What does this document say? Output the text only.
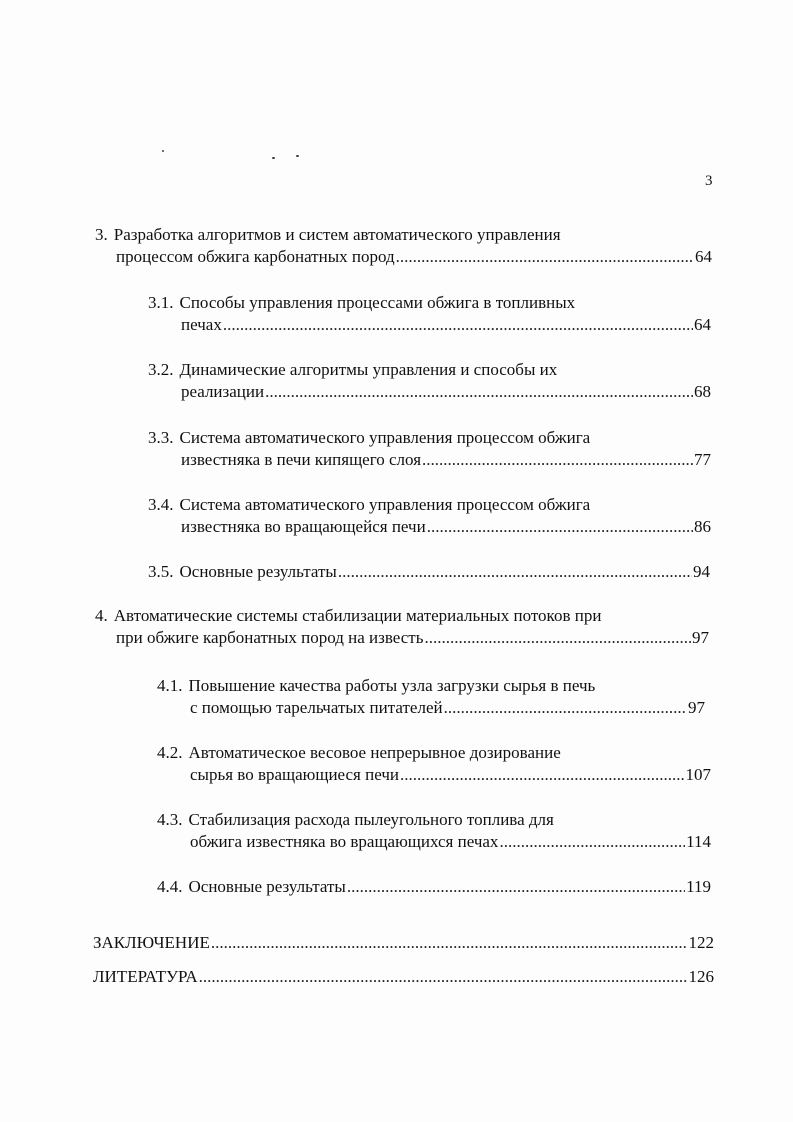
3
3. Разработка алгоритмов и систем автоматического управления
процессом обжига карбонатных пород .....	64
3.1. Способы управления процессами обжига в топливных
печах .....	64
3.2. Динамические алгоритмы управления и способы их
реализации .....	68
3.3. Система автоматического управления процессом обжига
известняка в печи кипящего слоя .....	77
3.4. Система автоматического управления процессом обжига
известняка во вращающейся печи .....	86
3.5. Основные результаты .....	94
4. Автоматические системы стабилизации материальных потоков при
при обжиге карбонатных пород на известь .....	97
4.1. Повышение качества работы узла загрузки сырья в печь
с помощью тарельчатых питателей .....	97
4.2. Автоматическое весовое непрерывное дозирование
сырья во вращающиеся печи .....	107
4.3. Стабилизация расхода пылеугольного топлива для
обжига известняка во вращающихся печах .....	114
4.4. Основные результаты .....	119
ЗАКЛЮЧЕНИЕ .....	122
ЛИТЕРАТУРА .....	126
